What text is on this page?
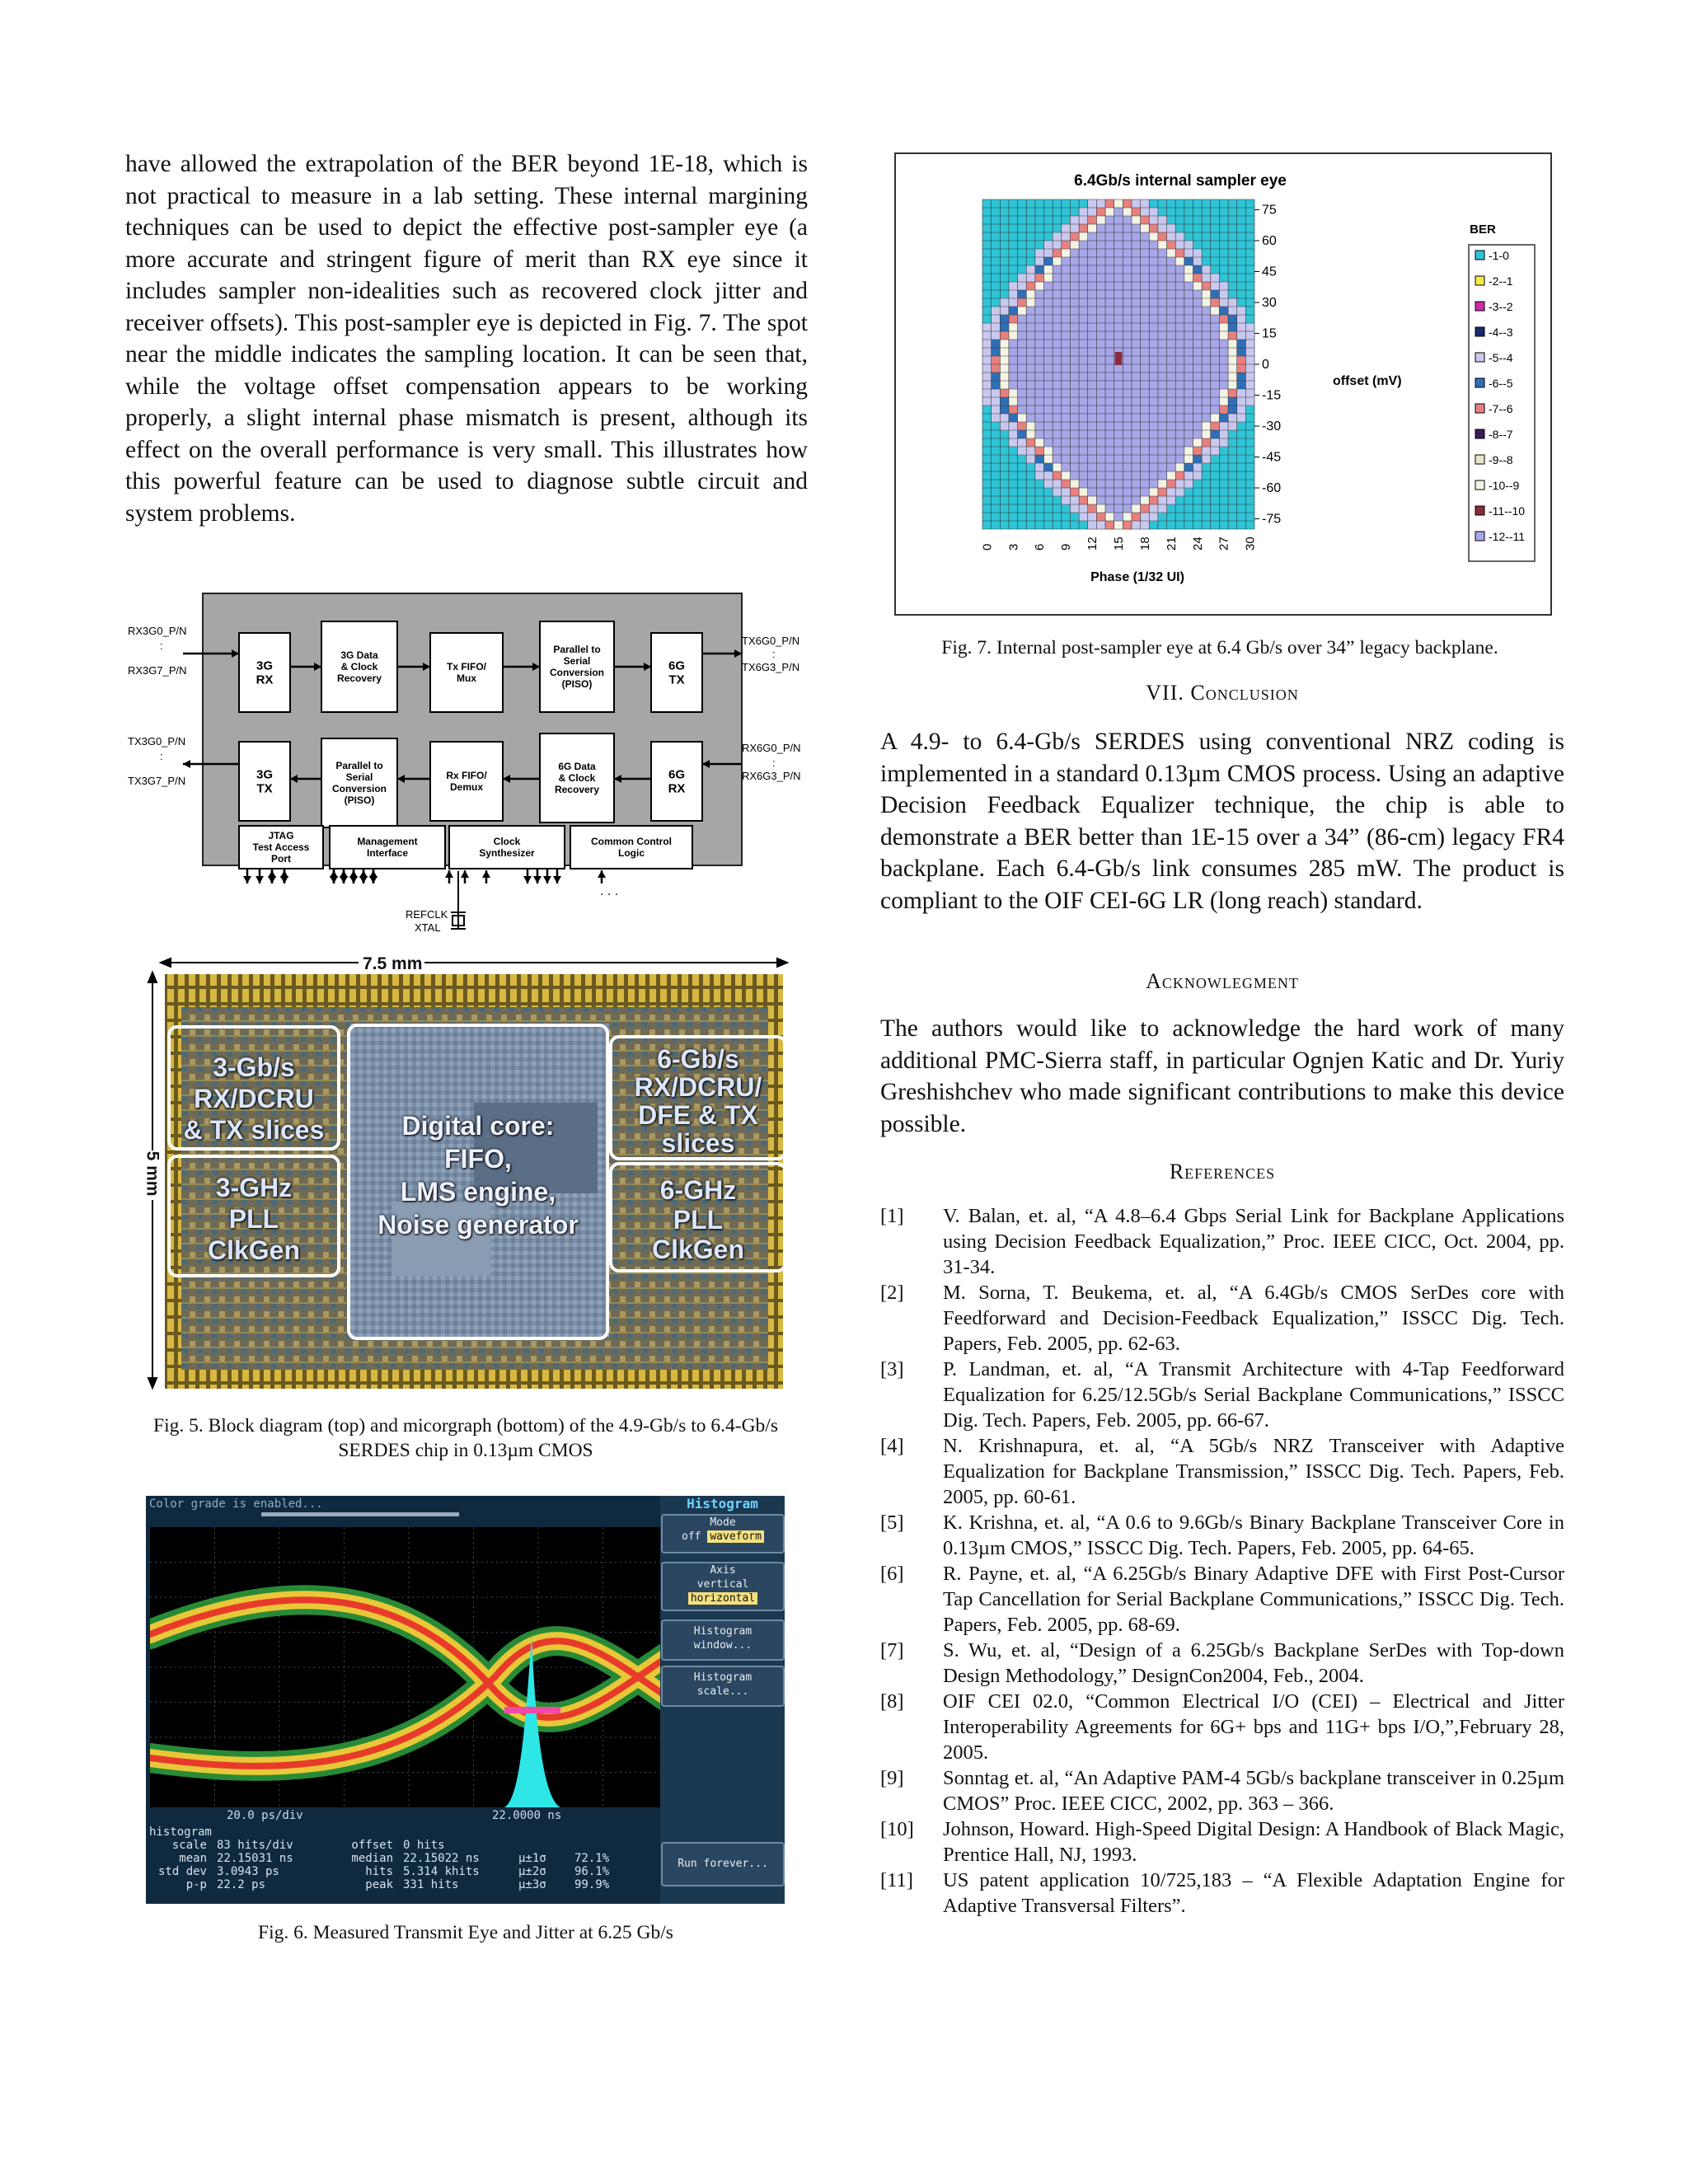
have allowed the extrapolation of the BER beyond 1E-18, which is not practical to measure in a lab setting. These internal margining techniques can be used to depict the effective post-sampler eye (a more accurate and stringent figure of merit than RX eye since it includes sampler non-idealities such as recovered clock jitter and receiver offsets). This post-sampler eye is depicted in Fig. 7. The spot near the middle indicates the sampling location. It can be seen that, while the voltage offset compensation appears to be working properly, a slight internal phase mismatch is present, although its effect on the overall performance is very small. This illustrates how this powerful feature can be used to diagnose subtle circuit and system problems.
3G
RX
3G Data
& Clock
Recovery
Tx FIFO/
Mux
Parallel to
Serial
Conversion
(PISO)
6G
TX
3G
TX
Parallel to
Serial
Conversion
(PISO)
Rx FIFO/
Demux
6G Data
& Clock
Recovery
6G
RX
JTAG
Test Access
Port
Management
Interface
Clock
Synthesizer
Common Control
Logic
RX3G0_P/N
:
RX3G7_P/N
TX3G0_P/N
:
TX3G7_P/N
TX6G0_P/N
:
TX6G3_P/N
RX6G0_P/N
:
RX6G3_P/N
. . .
REFCLK
XTAL
7.5 mm
5 mm
3-Gb/s
RX/DCRU
& TX slices
3-GHz
PLL
ClkGen
Digital core:
FIFO,
LMS engine,
Noise generator
6-Gb/s
RX/DCRU/
DFE & TX
slices
6-GHz
PLL
ClkGen
Fig. 5. Block diagram (top) and micorgraph (bottom) of the 4.9-Gb/s to 6.4-Gb/s SERDES chip in 0.13µm CMOS
Color grade is enabled...
20.0 ps/div	22.0000 ns
histogram
scale
mean
std dev
p-p
83 hits/div
22.15031 ns
3.0943 ps
22.2 ps
offset
median
hits
peak
0 hits
22.15022 ns
5.314 khits
331 hits
µ±1σ
µ±2σ
µ±3σ
72.1%
96.1%
99.9%
Histogram
Mode
off waveform
Axis
vertical
horizontal
Histogram
window...
Histogram
scale...
Run forever...
Fig. 6. Measured Transmit Eye and Jitter at 6.25 Gb/s
6.4Gb/s internal sampler eye
0 3 6 9 12 15 18 21 24 27 30
75
60
45
30
15
0
-15
-30
-45
-60
-75
offset (mV)
Phase (1/32 UI)
BER
-1-0
-2--1
-3--2
-4--3
-5--4
-6--5
-7--6
-8--7
-9--8
-10--9
-11--10
-12--11
Fig. 7. Internal post-sampler eye at 6.4 Gb/s over 34” legacy backplane.
VII. Conclusion
A 4.9- to 6.4-Gb/s SERDES using conventional NRZ coding is implemented in a standard 0.13µm CMOS process. Using an adaptive Decision Feedback Equalizer technique, the chip is able to demonstrate a BER better than 1E-15 over a 34” (86-cm) legacy FR4 backplane. Each 6.4-Gb/s link consumes 285 mW. The product is compliant to the OIF CEI-6G LR (long reach) standard.
Acknowlegment
The authors would like to acknowledge the hard work of many additional PMC-Sierra staff, in particular Ognjen Katic and Dr. Yuriy Greshishchev who made significant contributions to make this device possible.
References
[1] V. Balan, et. al, “A 4.8–6.4 Gbps Serial Link for Backplane Applications using Decision Feedback Equalization,” Proc. IEEE CICC, Oct. 2004, pp. 31-34.
[2] M. Sorna, T. Beukema, et. al, “A 6.4Gb/s CMOS SerDes core with Feedforward and Decision-Feedback Equalization,” ISSCC Dig. Tech. Papers, Feb. 2005, pp. 62-63.
[3] P. Landman, et. al, “A Transmit Architecture with 4-Tap Feedforward Equalization for 6.25/12.5Gb/s Serial Backplane Communications,” ISSCC Dig. Tech. Papers, Feb. 2005, pp. 66-67.
[4] N. Krishnapura, et. al, “A 5Gb/s NRZ Transceiver with Adaptive Equalization for Backplane Transmission,” ISSCC Dig. Tech. Papers, Feb. 2005, pp. 60-61.
[5] K. Krishna, et. al, “A 0.6 to 9.6Gb/s Binary Backplane Transceiver Core in 0.13µm CMOS,” ISSCC Dig. Tech. Papers, Feb. 2005, pp. 64-65.
[6] R. Payne, et. al, “A 6.25Gb/s Binary Adaptive DFE with First Post-Cursor Tap Cancellation for Serial Backplane Communications,” ISSCC Dig. Tech. Papers, Feb. 2005, pp. 68-69.
[7] S. Wu, et. al, “Design of a 6.25Gb/s Backplane SerDes with Top-down Design Methodology,” DesignCon2004, Feb., 2004.
[8] OIF CEI 02.0, “Common Electrical I/O (CEI) – Electrical and Jitter Interoperability Agreements for 6G+ bps and 11G+ bps I/O,”,February 28, 2005.
[9] Sonntag et. al, “An Adaptive PAM-4 5Gb/s backplane transceiver in 0.25µm CMOS” Proc. IEEE CICC, 2002, pp. 363 – 366.
[10] Johnson, Howard. High-Speed Digital Design: A Handbook of Black Magic, Prentice Hall, NJ, 1993.
[11] US patent application 10/725,183 – “A Flexible Adaptation Engine for Adaptive Transversal Filters”.
